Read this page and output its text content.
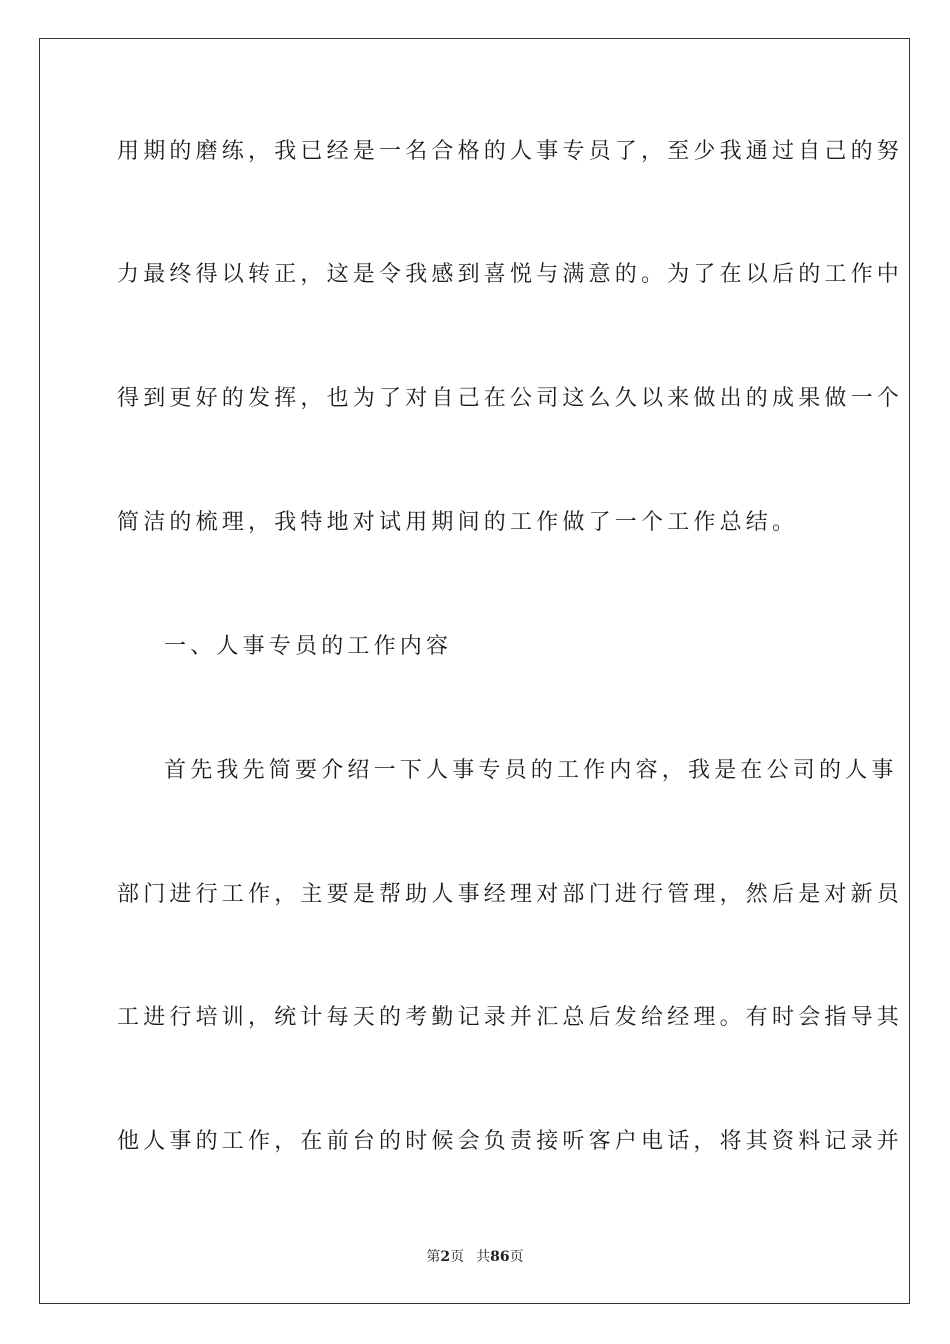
用期的磨练，我已经是一名合格的人事专员了，至少我通过自己的努
力最终得以转正，这是令我感到喜悦与满意的。为了在以后的工作中
得到更好的发挥，也为了对自己在公司这么久以来做出的成果做一个
简洁的梳理，我特地对试用期间的工作做了一个工作总结。
一、人事专员的工作内容
首先我先简要介绍一下人事专员的工作内容，我是在公司的人事
部门进行工作，主要是帮助人事经理对部门进行管理，然后是对新员
工进行培训，统计每天的考勤记录并汇总后发给经理。有时会指导其
他人事的工作，在前台的时候会负责接听客户电话，将其资料记录并
第2页 共86页
